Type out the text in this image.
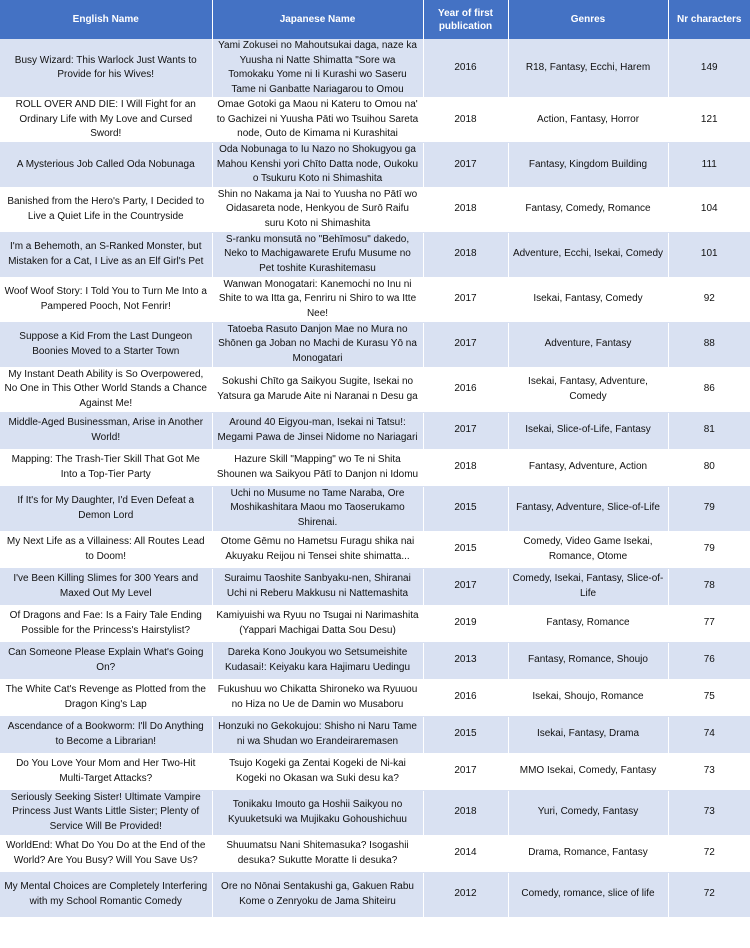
English Name	Japanese Name	Year of first publication	Genres	Nr characters
Busy Wizard: This Warlock Just Wants to Provide for his Wives!	Yami Zokusei no Mahoutsukai daga, naze ka Yuusha ni Natte Shimatta "Sore wa Tomokaku Yome ni Ii Kurashi wo Saseru Tame ni Ganbatte Nariagarou to Omou	2016	R18, Fantasy, Ecchi, Harem	149
ROLL OVER AND DIE: I Will Fight for an Ordinary Life with My Love and Cursed Sword!	Omae Gotoki ga Maou ni Kateru to Omou na' to Gachizei ni Yuusha Pāti wo Tsuihou Sareta node, Outo de Kimama ni Kurashitai	2018	Action, Fantasy, Horror	121
A Mysterious Job Called Oda Nobunaga	Oda Nobunaga to Iu Nazo no Shokugyou ga Mahou Kenshi yori Chīto Datta node, Oukoku o Tsukuru Koto ni Shimashita	2017	Fantasy, Kingdom Building	111
Banished from the Hero's Party, I Decided to Live a Quiet Life in the Countryside	Shin no Nakama ja Nai to Yuusha no Pātī wo Oidasareta node, Henkyou de Surō Raifu suru Koto ni Shimashita	2018	Fantasy, Comedy, Romance	104
I'm a Behemoth, an S-Ranked Monster, but Mistaken for a Cat, I Live as an Elf Girl's Pet	S-ranku monsutā no "Behīmosu" dakedo, Neko to Machigawarete Erufu Musume no Pet toshite Kurashitemasu	2018	Adventure, Ecchi, Isekai, Comedy	101
Woof Woof Story: I Told You to Turn Me Into a Pampered Pooch, Not Fenrir!	Wanwan Monogatari: Kanemochi no Inu ni Shite to wa Itta ga, Fenriru ni Shiro to wa Itte Nee!	2017	Isekai, Fantasy, Comedy	92
Suppose a Kid From the Last Dungeon Boonies Moved to a Starter Town	Tatoeba Rasuto Danjon Mae no Mura no Shōnen ga Joban no Machi de Kurasu Yō na Monogatari	2017	Adventure, Fantasy	88
My Instant Death Ability is So Overpowered, No One in This Other World Stands a Chance Against Me!	Sokushi Chīto ga Saikyou Sugite, Isekai no Yatsura ga Marude Aite ni Naranai n Desu ga	2016	Isekai, Fantasy, Adventure, Comedy	86
Middle-Aged Businessman, Arise in Another World!	Around 40 Eigyou-man, Isekai ni Tatsu!: Megami Pawa de Jinsei Nidome no Nariagari	2017	Isekai, Slice-of-Life, Fantasy	81
Mapping: The Trash-Tier Skill That Got Me Into a Top-Tier Party	Hazure Skill "Mapping" wo Te ni Shita Shounen wa Saikyou Pātī to Danjon ni Idomu	2018	Fantasy, Adventure, Action	80
If It's for My Daughter, I'd Even Defeat a Demon Lord	Uchi no Musume no Tame Naraba, Ore Moshikashitara Maou mo Taoserukamo Shirenai.	2015	Fantasy, Adventure, Slice-of-Life	79
My Next Life as a Villainess: All Routes Lead to Doom!	Otome Gēmu no Hametsu Furagu shika nai Akuyaku Reijou ni Tensei shite shimatta...	2015	Comedy, Video Game Isekai, Romance, Otome	79
I've Been Killing Slimes for 300 Years and Maxed Out My Level	Suraimu Taoshite Sanbyaku-nen, Shiranai Uchi ni Reberu Makkusu ni Nattemashita	2017	Comedy, Isekai, Fantasy, Slice-of-Life	78
Of Dragons and Fae: Is a Fairy Tale Ending Possible for the Princess's Hairstylist?	Kamiyuishi wa Ryuu no Tsugai ni Narimashita (Yappari Machigai Datta Sou Desu)	2019	Fantasy, Romance	77
Can Someone Please Explain What's Going On?	Dareka Kono Joukyou wo Setsumeishite Kudasai!: Keiyaku kara Hajimaru Uedingu	2013	Fantasy, Romance, Shoujo	76
The White Cat's Revenge as Plotted from the Dragon King's Lap	Fukushuu wo Chikatta Shironeko wa Ryuuou no Hiza no Ue de Damin wo Musaboru	2016	Isekai, Shoujo, Romance	75
Ascendance of a Bookworm: I'll Do Anything to Become a Librarian!	Honzuki no Gekokujou: Shisho ni Naru Tame ni wa Shudan wo Erandeiraremasen	2015	Isekai, Fantasy, Drama	74
Do You Love Your Mom and Her Two-Hit Multi-Target Attacks?	Tsujo Kogeki ga Zentai Kogeki de Ni-kai Kogeki no Okasan wa Suki desu ka?	2017	MMO Isekai, Comedy, Fantasy	73
Seriously Seeking Sister! Ultimate Vampire Princess Just Wants Little Sister; Plenty of Service Will Be Provided!	Tonikaku Imouto ga Hoshii Saikyou no Kyuuketsuki wa Mujikaku Gohoushichuu	2018	Yuri, Comedy, Fantasy	73
WorldEnd: What Do You Do at the End of the World? Are You Busy? Will You Save Us?	Shuumatsu Nani Shitemasuka? Isogashii desuka? Sukutte Moratte Ii desuka?	2014	Drama, Romance, Fantasy	72
My Mental Choices are Completely Interfering with my School Romantic Comedy	Ore no Nōnai Sentakushi ga, Gakuen Rabu Kome o Zenryoku de Jama Shiteiru	2012	Comedy, romance, slice of life	72
